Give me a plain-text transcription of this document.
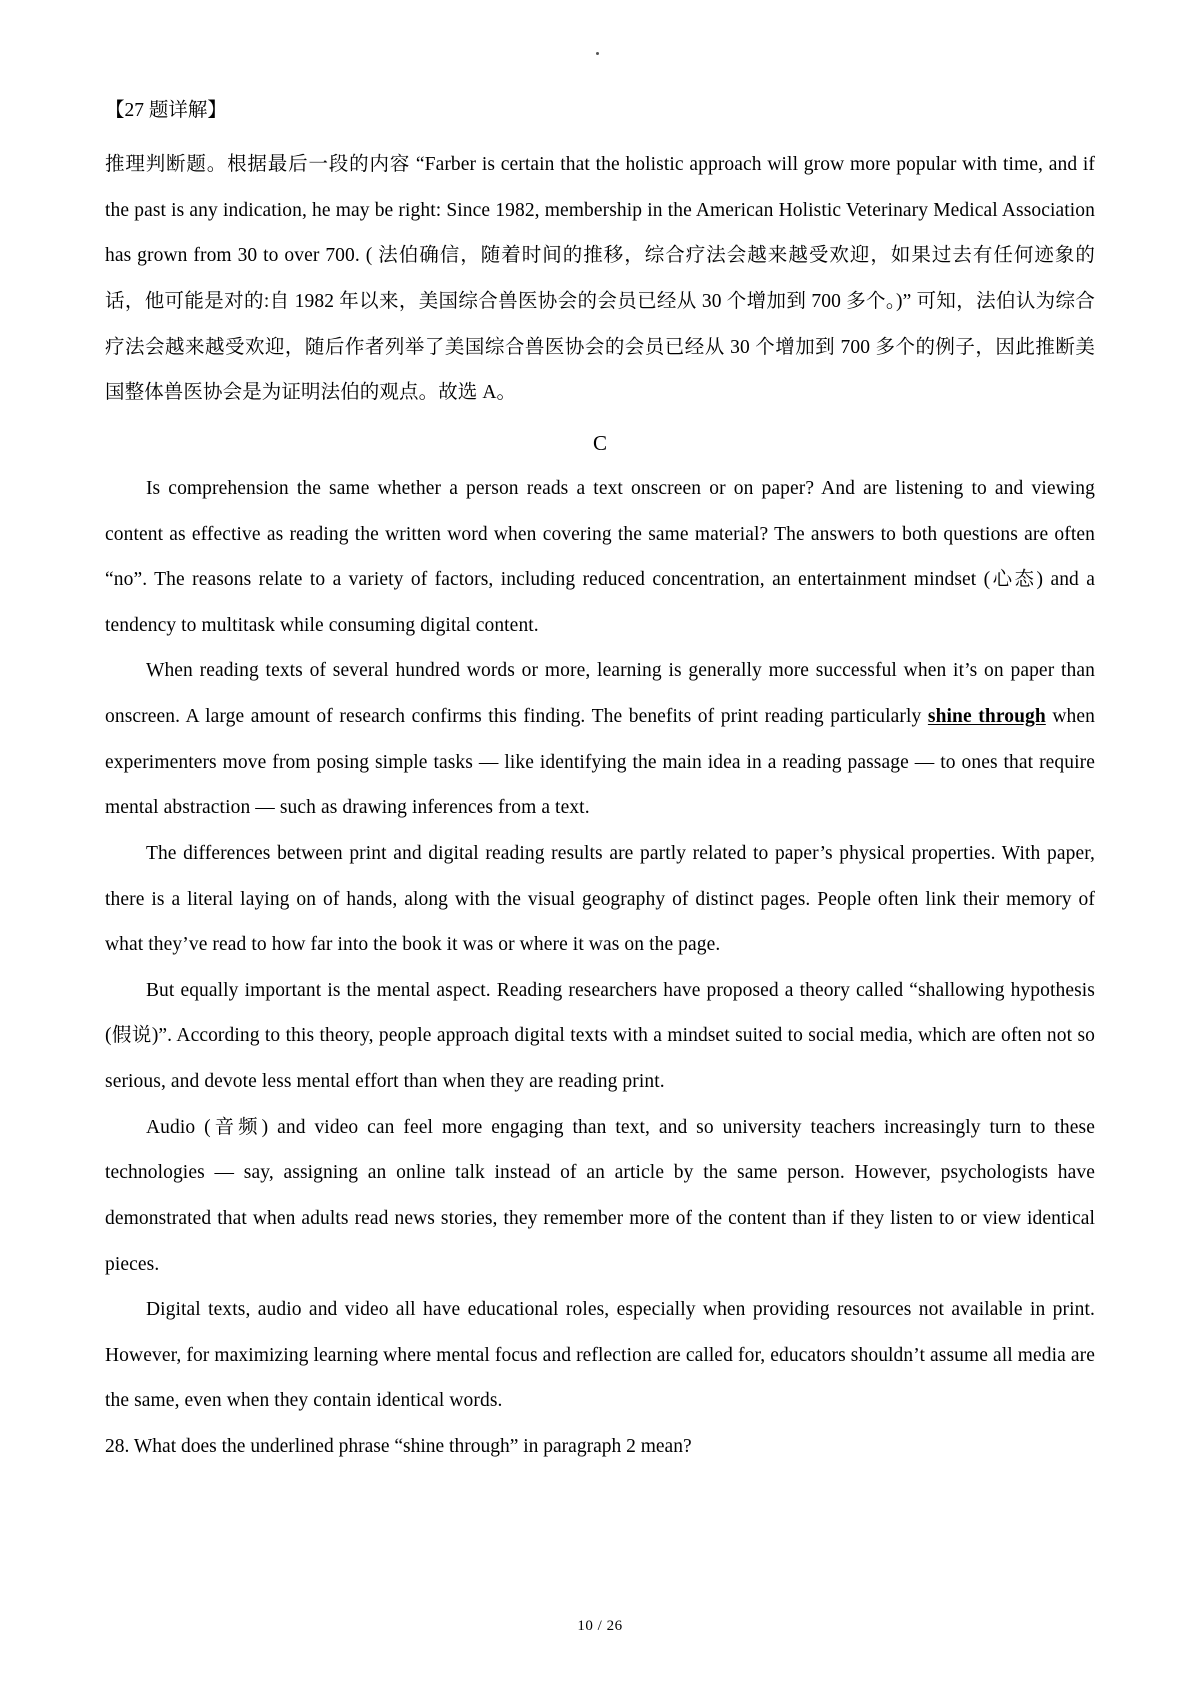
【27 题详解】

推理判断题。根据最后一段的内容 “Farber is certain that the holistic approach will grow more popular with time, and if the past is any indication, he may be right: Since 1982, membership in the American Holistic Veterinary Medical Association has grown from 30 to over 700. ( 法伯确信，随着时间的推移，综合疗法会越来越受欢迎，如果过去有任何迹象的话，他可能是对的:自 1982 年以来，美国综合兽医协会的会员已经从 30 个增加到 700 多个。)” 可知，法伯认为综合疗法会越来越受欢迎，随后作者列举了美国综合兽医协会的会员已经从 30 个增加到 700 多个的例子，因此推断美国整体兽医协会是为证明法伯的观点。故选 A。

C

Is comprehension the same whether a person reads a text onscreen or on paper? And are listening to and viewing content as effective as reading the written word when covering the same material? The answers to both questions are often “no”. The reasons relate to a variety of factors, including reduced concentration, an entertainment mindset (心态) and a tendency to multitask while consuming digital content.

When reading texts of several hundred words or more, learning is generally more successful when it’s on paper than onscreen. A large amount of research confirms this finding. The benefits of print reading particularly shine through when experimenters move from posing simple tasks — like identifying the main idea in a reading passage — to ones that require mental abstraction — such as drawing inferences from a text.

The differences between print and digital reading results are partly related to paper’s physical properties. With paper, there is a literal laying on of hands, along with the visual geography of distinct pages. People often link their memory of what they’ve read to how far into the book it was or where it was on the page.

But equally important is the mental aspect. Reading researchers have proposed a theory called “shallowing hypothesis (假说)”. According to this theory, people approach digital texts with a mindset suited to social media, which are often not so serious, and devote less mental effort than when they are reading print.

Audio (音频) and video can feel more engaging than text, and so university teachers increasingly turn to these technologies — say, assigning an online talk instead of an article by the same person. However, psychologists have demonstrated that when adults read news stories, they remember more of the content than if they listen to or view identical pieces.

Digital texts, audio and video all have educational roles, especially when providing resources not available in print. However, for maximizing learning where mental focus and reflection are called for, educators shouldn’t assume all media are the same, even when they contain identical words.

28. What does the underlined phrase “shine through” in paragraph 2 mean?

10 / 26
